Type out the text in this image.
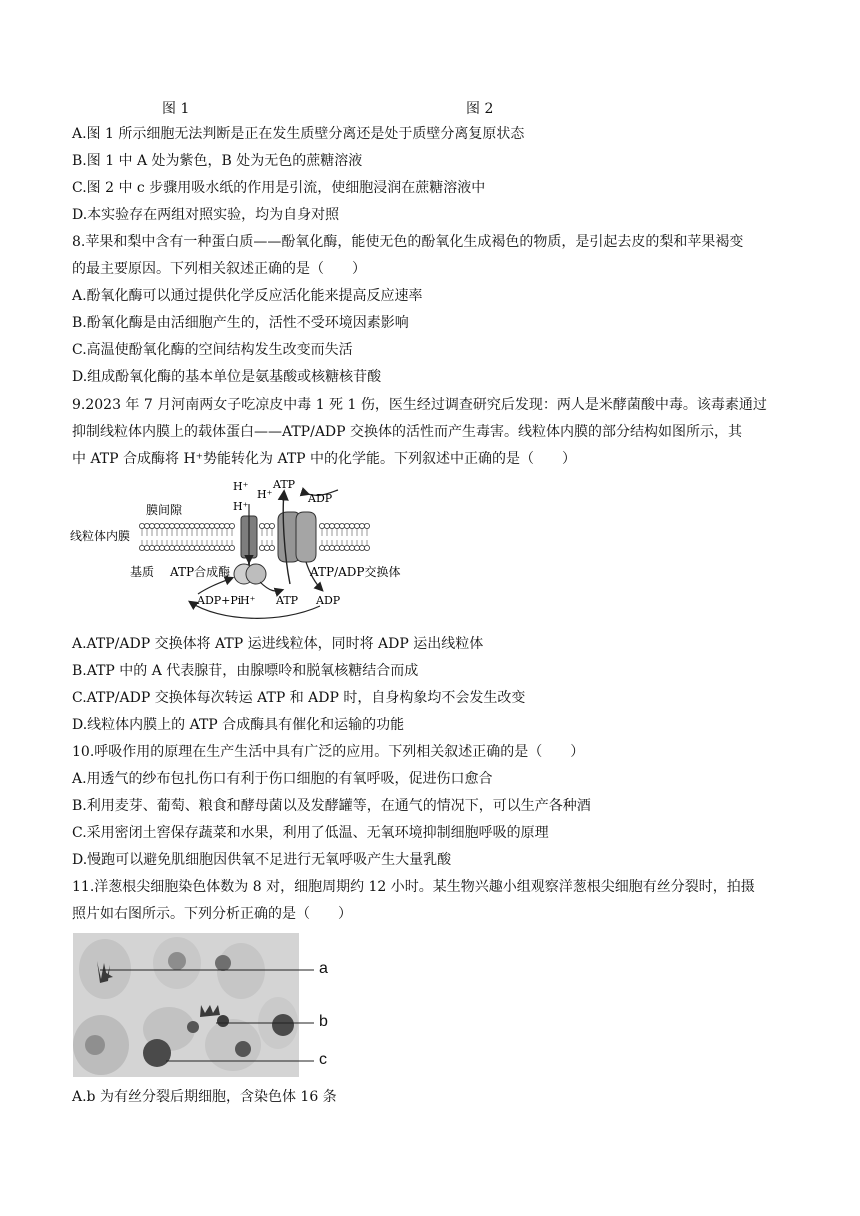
图 1	图 2
A.图 1 所示细胞无法判断是正在发生质壁分离还是处于质壁分离复原状态
B.图 1 中 A 处为紫色，B 处为无色的蔗糖溶液
C.图 2 中 c 步骤用吸水纸的作用是引流，使细胞浸润在蔗糖溶液中
D.本实验存在两组对照实验，均为自身对照
8.苹果和梨中含有一种蛋白质——酚氧化酶，能使无色的酚氧化生成褐色的物质，是引起去皮的梨和苹果褐变
的最主要原因。下列相关叙述正确的是（　　）
A.酚氧化酶可以通过提供化学反应活化能来提高反应速率
B.酚氧化酶是由活细胞产生的，活性不受环境因素影响
C.高温使酚氧化酶的空间结构发生改变而失活
D.组成酚氧化酶的基本单位是氨基酸或核糖核苷酸
9.2023 年 7 月河南两女子吃凉皮中毒 1 死 1 伤，医生经过调查研究后发现：两人是米酵菌酸中毒。该毒素通过
抑制线粒体内膜上的载体蛋白——ATP/ADP 交换体的活性而产生毒害。线粒体内膜的部分结构如图所示，其
中 ATP 合成酶将 H⁺势能转化为 ATP 中的化学能。下列叙述中正确的是（　　）
膜间隙
线粒体内膜
基质 ATP合成酶	ATP/ADP交换体
H⁺
H⁺
H⁺
ATP
ADP
ADP+Pi
H⁺ ATP ADP
A.ATP/ADP 交换体将 ATP 运进线粒体，同时将 ADP 运出线粒体
B.ATP 中的 A 代表腺苷，由腺嘌呤和脱氧核糖结合而成
C.ATP/ADP 交换体每次转运 ATP 和 ADP 时，自身构象均不会发生改变
D.线粒体内膜上的 ATP 合成酶具有催化和运输的功能
10.呼吸作用的原理在生产生活中具有广泛的应用。下列相关叙述正确的是（　　）
A.用透气的纱布包扎伤口有利于伤口细胞的有氧呼吸，促进伤口愈合
B.利用麦芽、葡萄、粮食和酵母菌以及发酵罐等，在通气的情况下，可以生产各种酒
C.采用密闭土窖保存蔬菜和水果，利用了低温、无氧环境抑制细胞呼吸的原理
D.慢跑可以避免肌细胞因供氧不足进行无氧呼吸产生大量乳酸
11.洋葱根尖细胞染色体数为 8 对，细胞周期约 12 小时。某生物兴趣小组观察洋葱根尖细胞有丝分裂时，拍摄
照片如右图所示。下列分析正确的是（　　）
a
b
c
A.b 为有丝分裂后期细胞，含染色体 16 条
